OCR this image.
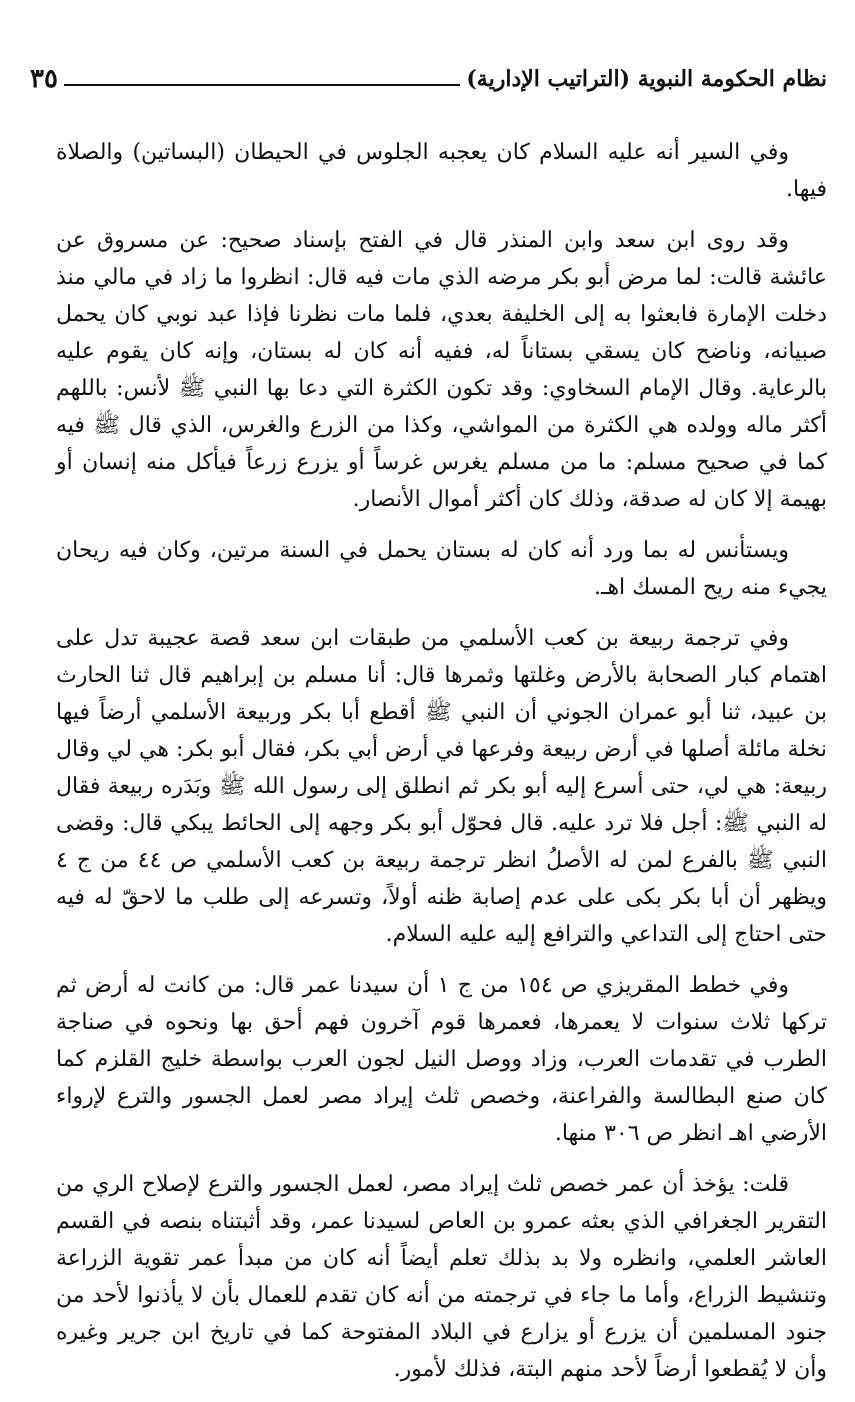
نظام الحكومة النبوية (التراتيب الإدارية)
٣٥

وفي السير أنه عليه السلام كان يعجبه الجلوس في الحيطان (البساتين) والصلاة فيها.

وقد روى ابن سعد وابن المنذر قال في الفتح بإسناد صحيح: عن مسروق عن عائشة قالت: لما مرض أبو بكر مرضه الذي مات فيه قال: انظروا ما زاد في مالي منذ دخلت الإمارة فابعثوا به إلى الخليفة بعدي، فلما مات نظرنا فإذا عبد نوبي كان يحمل صبيانه، وناضح كان يسقي بستاناً له، ففيه أنه كان له بستان، وإنه كان يقوم عليه بالرعاية. وقال الإمام السخاوي: وقد تكون الكثرة التي دعا بها النبي ﷺ لأنس: باللهم أكثر ماله وولده هي الكثرة من المواشي، وكذا من الزرع والغرس، الذي قال ﷺ فيه كما في صحيح مسلم: ما من مسلم يغرس غرساً أو يزرع زرعاً فيأكل منه إنسان أو بهيمة إلا كان له صدقة، وذلك كان أكثر أموال الأنصار.

ويستأنس له بما ورد أنه كان له بستان يحمل في السنة مرتين، وكان فيه ريحان يجيء منه ريح المسك اهـ.

وفي ترجمة ربيعة بن كعب الأسلمي من طبقات ابن سعد قصة عجيبة تدل على اهتمام كبار الصحابة بالأرض وغلتها وثمرها قال: أنا مسلم بن إبراهيم قال ثنا الحارث بن عبيد، ثنا أبو عمران الجوني أن النبي ﷺ أقطع أبا بكر وربيعة الأسلمي أرضاً فيها نخلة مائلة أصلها في أرض ربيعة وفرعها في أرض أبي بكر، فقال أبو بكر: هي لي وقال ربيعة: هي لي، حتى أسرع إليه أبو بكر ثم انطلق إلى رسول الله ﷺ وبَدَره ربيعة فقال له النبي ﷺ: أجل فلا ترد عليه. قال فحوّل أبو بكر وجهه إلى الحائط يبكي قال: وقضى النبي ﷺ بالفرع لمن له الأصلُ انظر ترجمة ربيعة بن كعب الأسلمي ص ٤٤ من ج ٤ ويظهر أن أبا بكر بكى على عدم إصابة ظنه أولاً، وتسرعه إلى طلب ما لاحقّ له فيه حتى احتاج إلى التداعي والترافع إليه عليه السلام.

وفي خطط المقريزي ص ١٥٤ من ج ١ أن سيدنا عمر قال: من كانت له أرض ثم تركها ثلاث سنوات لا يعمرها، فعمرها قوم آخرون فهم أحق بها ونحوه في صناجة الطرب في تقدمات العرب، وزاد ووصل النيل لجون العرب بواسطة خليج القلزم كما كان صنع البطالسة والفراعنة، وخصص ثلث إيراد مصر لعمل الجسور والترع لإرواء الأرضي اهـ انظر ص ٣٠٦ منها.

قلت: يؤخذ أن عمر خصص ثلث إيراد مصر، لعمل الجسور والترع لإصلاح الري من التقرير الجغرافي الذي بعثه عمرو بن العاص لسيدنا عمر، وقد أثبتناه بنصه في القسم العاشر العلمي، وانظره ولا بد بذلك تعلم أيضاً أنه كان من مبدأ عمر تقوية الزراعة وتنشيط الزراع، وأما ما جاء في ترجمته من أنه كان تقدم للعمال بأن لا يأذنوا لأحد من جنود المسلمين أن يزرع أو يزارع في البلاد المفتوحة كما في تاريخ ابن جرير وغيره وأن لا يُقطعوا أرضاً لأحد منهم البتة، فذلك لأمور.
